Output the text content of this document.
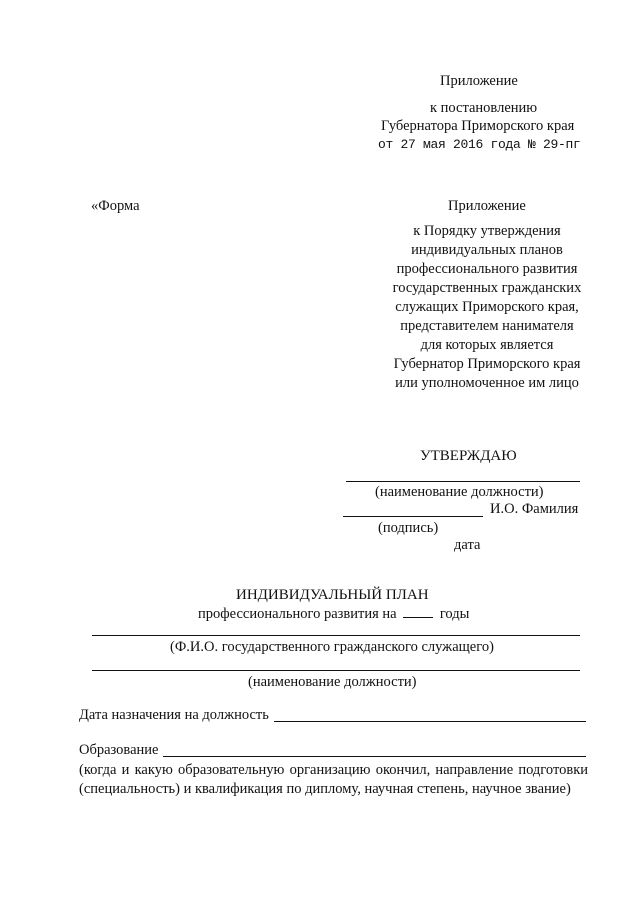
Приложение
к постановлению
Губернатора Приморского края
от 27 мая 2016 года № 29-пг
«Форма	Приложение
к Порядку утверждения
индивидуальных планов
профессионального развития
государственных гражданских
служащих Приморского края,
представителем нанимателя
для которых является
Губернатор Приморского края
или уполномоченное им лицо
УТВЕРЖДАЮ
(наименование должности)
И.О. Фамилия
(подпись)
дата
ИНДИВИДУАЛЬНЫЙ ПЛАН
профессионального развития на	годы
(Ф.И.О. государственного гражданского служащего)
(наименование должности)
Дата назначения на должность
Образование
(когда и какую образовательную организацию окончил, направление подготовки (специальность) и квалификация по диплому, научная степень, научное звание)
